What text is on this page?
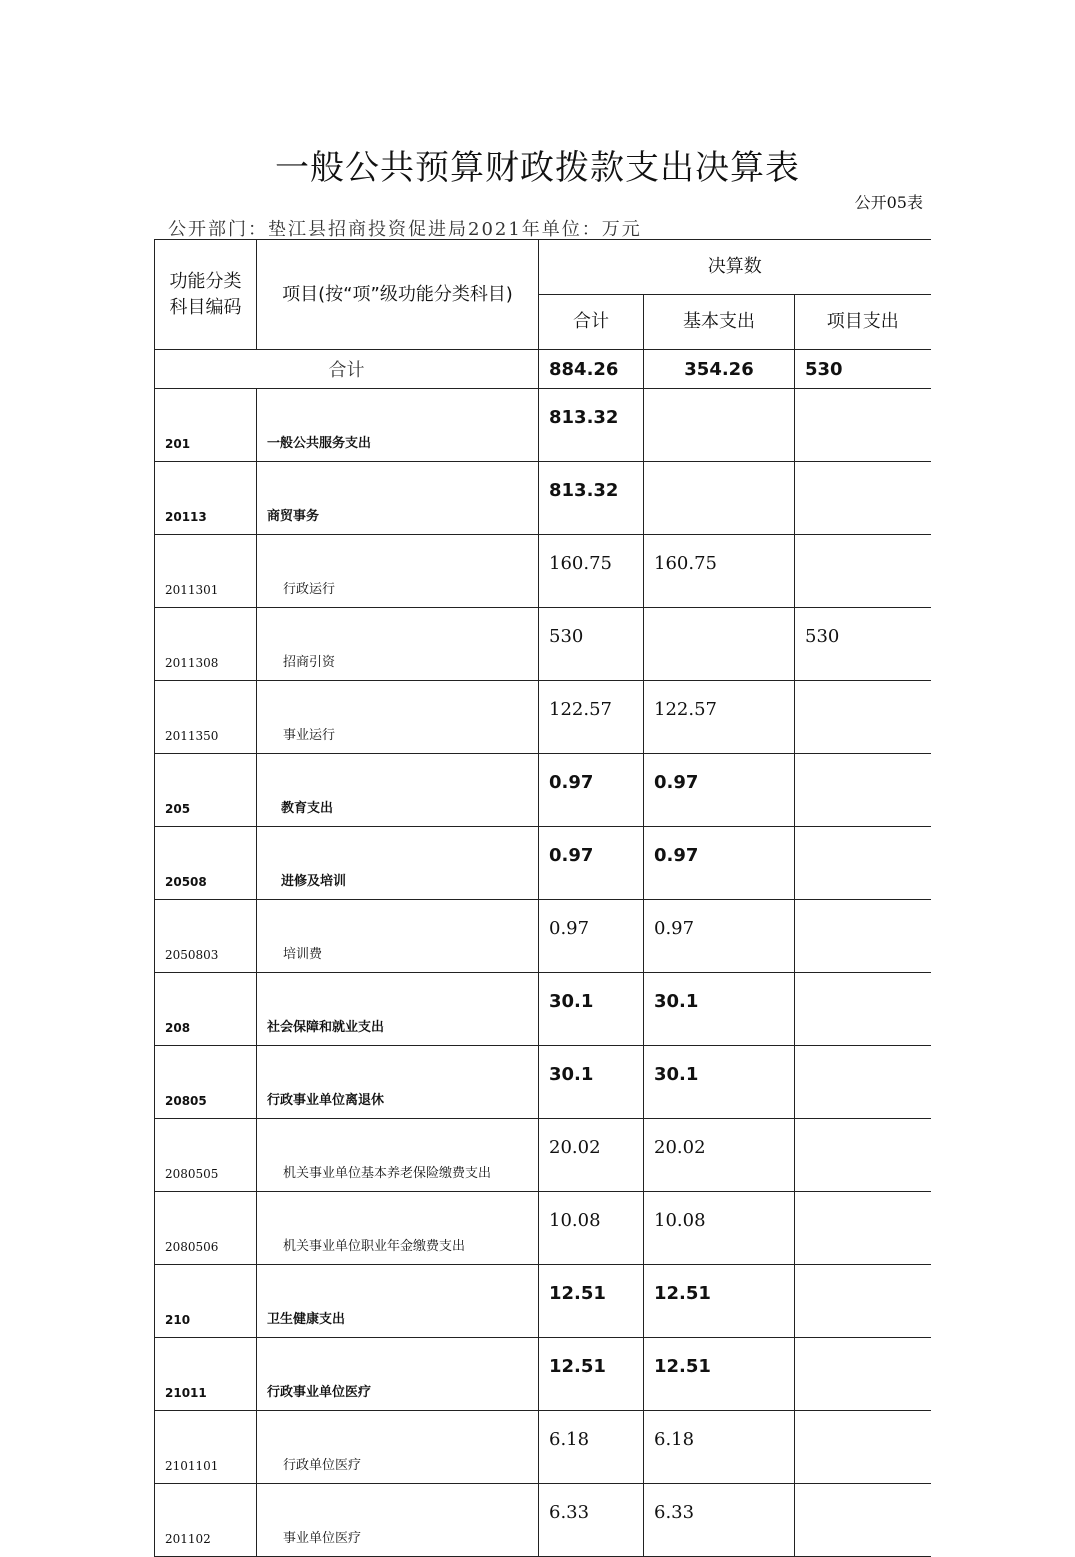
一般公共预算财政拨款支出决算表
公开05表
公开部门：垫江县招商投资促进局2021年单位：万元
功能分类
科目编码	项目(按“项”级功能分类科目)	决算数		
		合计	基本支出	项目支出
合计		884.26	354.26	530
201	一般公共服务支出	813.32		
20113	商贸事务	813.32		
2011301	行政运行	160.75	160.75	
2011308	招商引资	530		530
2011350	事业运行	122.57	122.57	
205	教育支出	0.97	0.97	
20508	进修及培训	0.97	0.97	
2050803	培训费	0.97	0.97	
208	社会保障和就业支出	30.1	30.1	
20805	行政事业单位离退休	30.1	30.1	
2080505	机关事业单位基本养老保险缴费支出	20.02	20.02	
2080506	机关事业单位职业年金缴费支出	10.08	10.08	
210	卫生健康支出	12.51	12.51	
21011	行政事业单位医疗	12.51	12.51	
2101101	行政单位医疗	6.18	6.18	
201102	事业单位医疗	6.33	6.33	
